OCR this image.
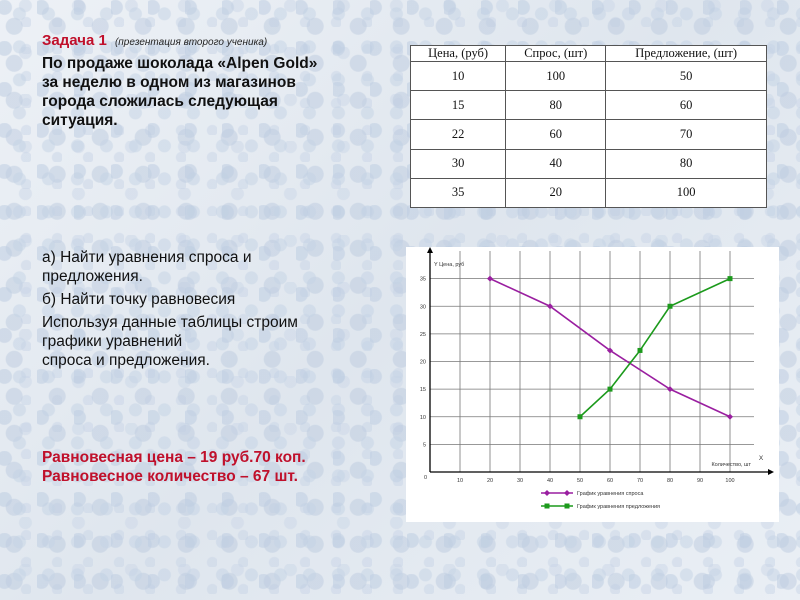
Задача 1 (презентация второго ученика)
По продаже шоколада «Alpen Gold»
за неделю в одном из магазинов
города сложилась следующая
ситуация.
Цена, (руб)	Спрос, (шт)	Предложение, (шт)
10	100	50
15	80	60
22	60	70
30	40	80
35	20	100

а) Найти уравнения спроса и
предложения.

б) Найти точку равновесия

Используя данные таблицы строим
графики уравнений
спроса и предложения.

Равновесная цена – 19 руб.70 коп.

Равновесное количество – 67 шт.	10	20	30	40	50	60	70	80	90	100
5
10
15
20
25
30
35
0
Y Цена, руб
Количество, шт
X
График уравнения спроса
График уравнения предложения
